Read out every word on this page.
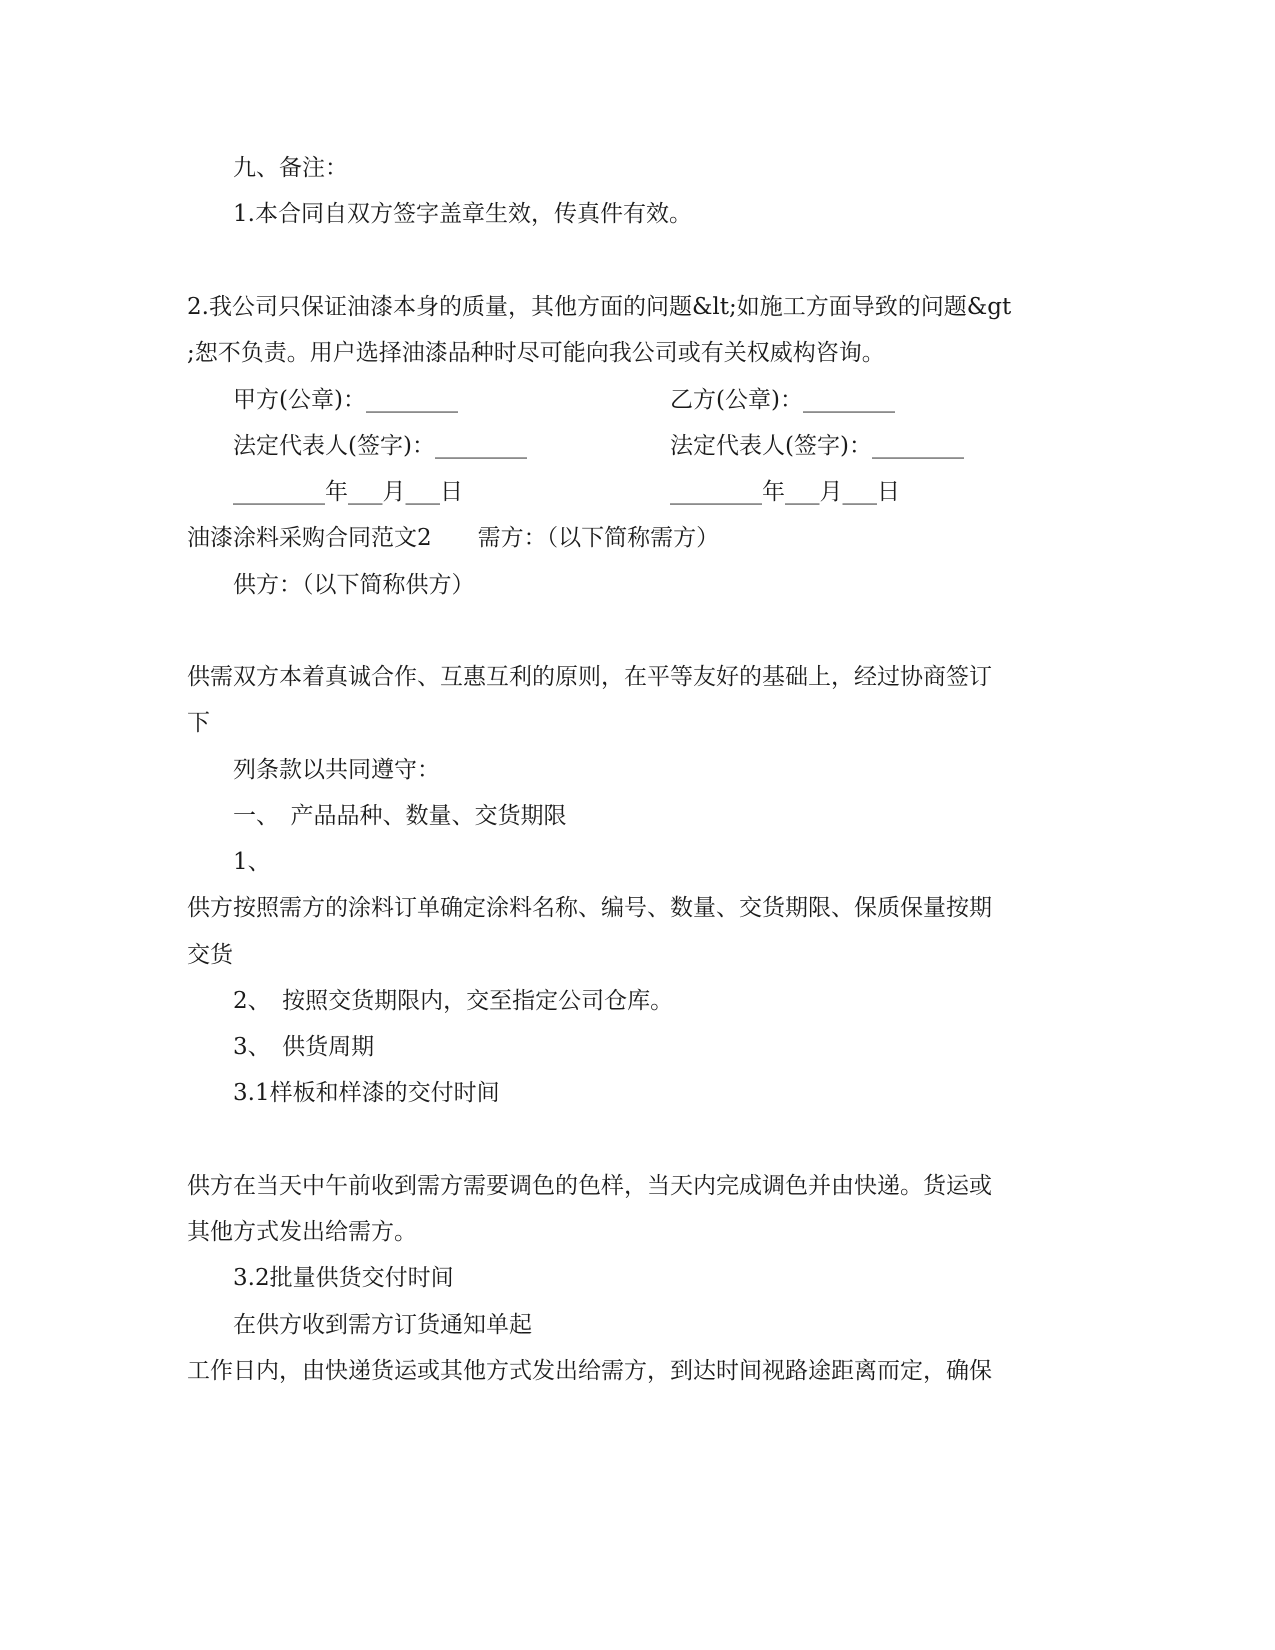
九、备注：
1.本合同自双方签字盖章生效，传真件有效。
2.我公司只保证油漆本身的质量，其他方面的问题&lt;如施工方面导致的问题&gt
;恕不负责。用户选择油漆品种时尽可能向我公司或有关权威构咨询。
甲方(公章)：________	乙方(公章)：________
法定代表人(签字)：________	法定代表人(签字)：________
________年___月___日	________年___月___日
油漆涂料采购合同范文2　　需方：（以下简称需方）
供方：（以下简称供方）
供需双方本着真诚合作、互惠互利的原则，在平等友好的基础上，经过协商签订
下
列条款以共同遵守：
一、　产品品种、数量、交货期限
1、
供方按照需方的涂料订单确定涂料名称、编号、数量、交货期限、保质保量按期
交货
2、　按照交货期限内，交至指定公司仓库。
3、　供货周期
3.1样板和样漆的交付时间
供方在当天中午前收到需方需要调色的色样，当天内完成调色并由快递。货运或
其他方式发出给需方。
3.2批量供货交付时间
在供方收到需方订货通知单起
工作日内，由快递货运或其他方式发出给需方，到达时间视路途距离而定，确保
